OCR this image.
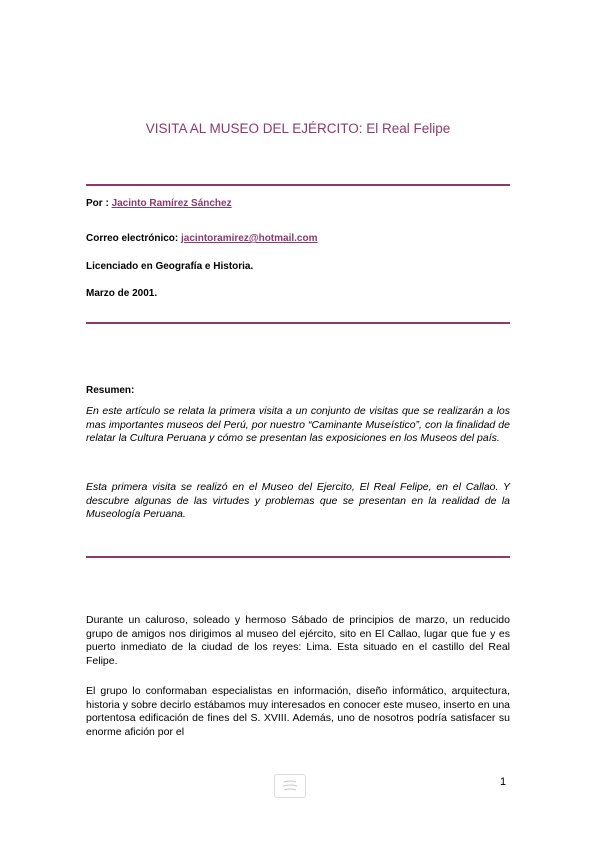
VISITA AL MUSEO DEL EJÉRCITO: El Real Felipe
Por : Jacinto Ramírez Sánchez
Correo electrónico: jacintoramirez@hotmail.com
Licenciado en Geografía e Historia.
Marzo de 2001.
Resumen:

En este artículo se relata la primera visita a un conjunto de visitas que se realizarán a los mas importantes museos del Perú, por nuestro “Caminante Museístico”, con la finalidad de relatar la Cultura Peruana y cómo se presentan las exposiciones en los Museos del país.

Esta primera visita se realizó en el Museo del Ejercito, El Real Felipe, en el Callao. Y descubre algunas de las virtudes y problemas que se presentan en la realidad de la Museología Peruana.

Durante un caluroso, soleado y hermoso Sábado de principios de marzo, un reducido grupo de amigos nos dirigimos al museo del ejército, sito en El Callao, lugar que fue y es puerto inmediato de la ciudad de los reyes: Lima. Esta situado en el castillo del Real Felipe.

El grupo lo conformaban especialistas en información, diseño informático, arquitectura, historia y sobre decirlo estábamos muy interesados en conocer este museo, inserto en una portentosa edificación de fines del S. XVIII. Además, uno de nosotros podría satisfacer su enorme afición por el

1
